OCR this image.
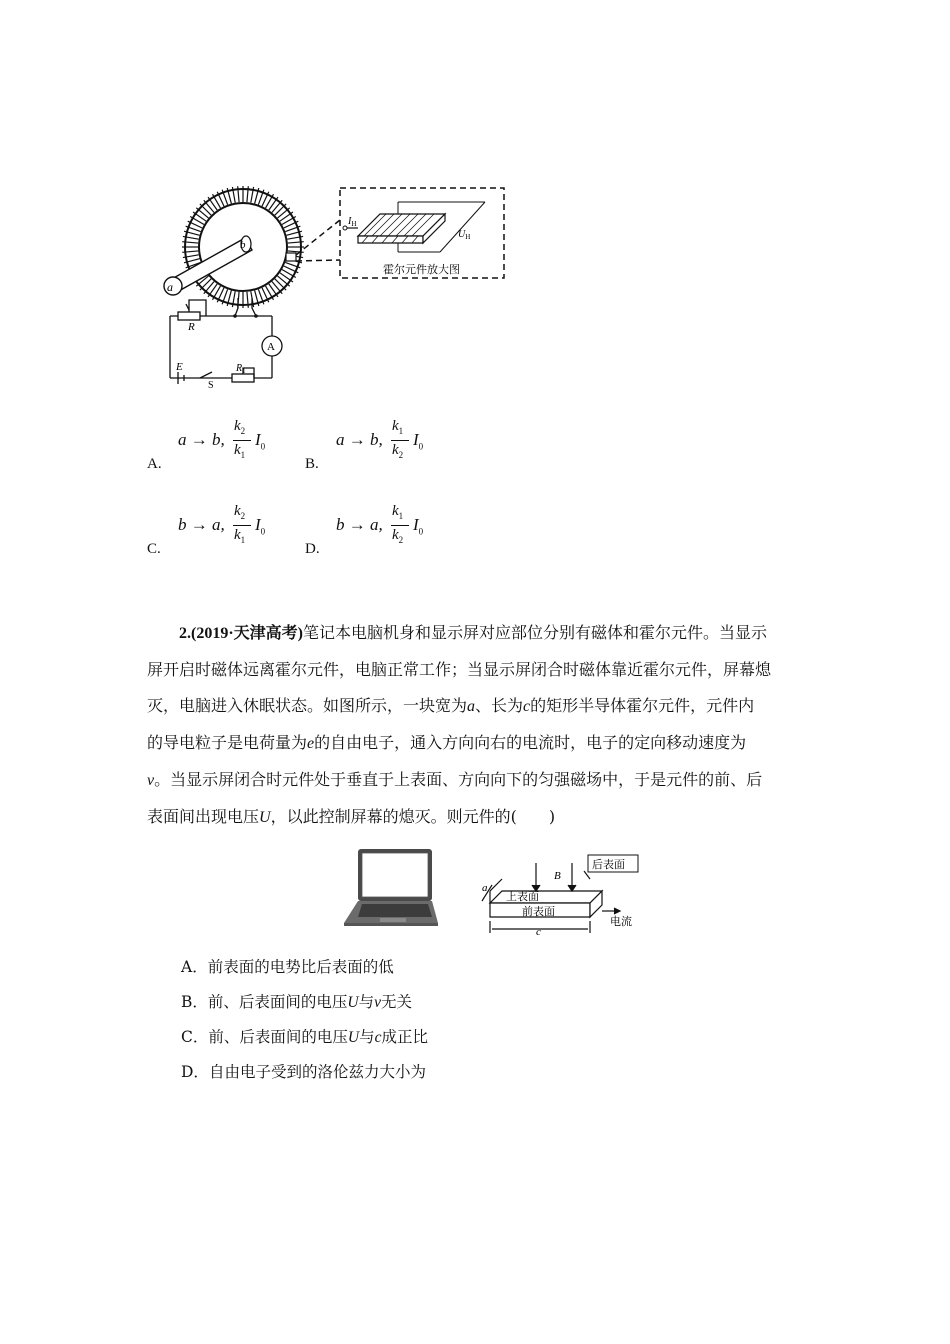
a
b
$I_H$
$U_H$
霍尔元件放大图
A
R
E
S
$R_1$
A.
a → b,
$k_2$
$k_1$
$I_0$
B.
a → b,
$k_1$
$k_2$
$I_0$
C.
b → a,
$k_2$
$k_1$
$I_0$
D.
b → a,
$k_1$
$k_2$
$I_0$
2.(2019·天津高考)笔记本电脑机身和显示屏对应部位分别有磁体和霍尔元件。当显示
屏开启时磁体远离霍尔元件，电脑正常工作；当显示屏闭合时磁体靠近霍尔元件，屏幕熄
灭，电脑进入休眠状态。如图所示，一块宽为a、长为c的矩形半导体霍尔元件，元件内
的导电粒子是电荷量为e的自由电子，通入方向向右的电流时，电子的定向移动速度为
v。当显示屏闭合时元件处于垂直于上表面、方向向下的匀强磁场中，于是元件的前、后
表面间出现电压U，以此控制屏幕的熄灭。则元件的(　　)
后表面
上表面
前表面
B
a
c
电流
A．前表面的电势比后表面的低
B．前、后表面间的电压U与v无关
C．前、后表面间的电压U与c成正比
D．自由电子受到的洛伦兹力大小为
